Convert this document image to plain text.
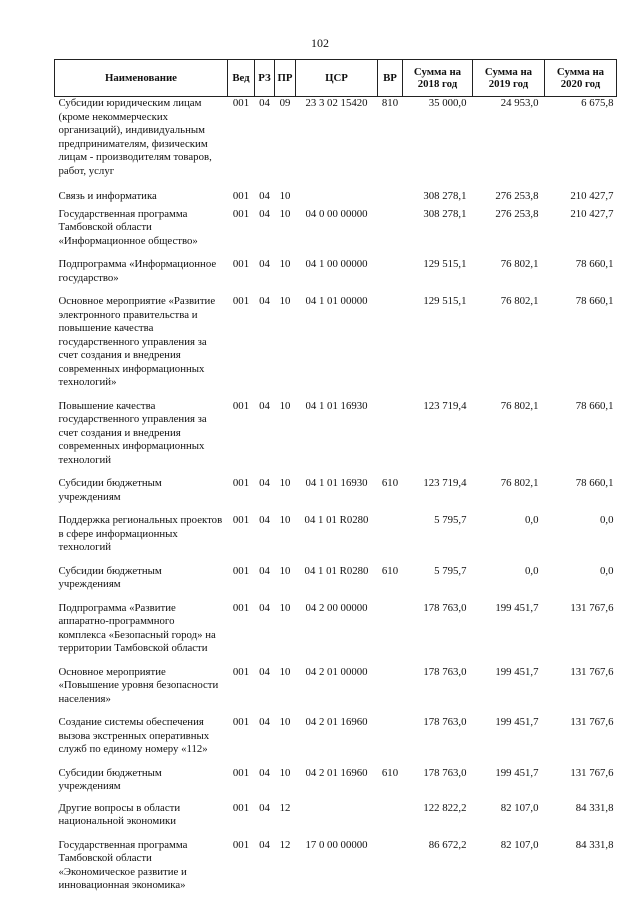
102
Наименование	Вед	РЗ	ПР	ЦСР	ВР	Сумма на 2018 год	Сумма на 2019 год	Сумма на 2020 год
Субсидии юридическим лицам (кроме некоммерческих организаций), индивидуальным предпринимателям, физическим лицам - производителям товаров, работ, услуг	001	04	09	23 3 02 15420	810	35 000,0	24 953,0	6 675,8
Связь и информатика	001	04	10			308 278,1	276 253,8	210 427,7
Государственная программа Тамбовской области «Информационное общество»	001	04	10	04 0 00 00000		308 278,1	276 253,8	210 427,7
Подпрограмма «Информационное государство»	001	04	10	04 1 00 00000		129 515,1	76 802,1	78 660,1
Основное мероприятие «Развитие электронного правительства и повышение качества государственного управления за счет создания и внедрения современных информационных технологий»	001	04	10	04 1 01 00000		129 515,1	76 802,1	78 660,1
Повышение качества государственного управления за счет создания и внедрения современных информационных технологий	001	04	10	04 1 01 16930		123 719,4	76 802,1	78 660,1
Субсидии бюджетным учреждениям	001	04	10	04 1 01 16930	610	123 719,4	76 802,1	78 660,1
Поддержка региональных проектов в сфере информационных технологий	001	04	10	04 1 01 R0280		5 795,7	0,0	0,0
Субсидии бюджетным учреждениям	001	04	10	04 1 01 R0280	610	5 795,7	0,0	0,0
Подпрограмма «Развитие аппаратно-программного комплекса «Безопасный город» на территории Тамбовской области	001	04	10	04 2 00 00000		178 763,0	199 451,7	131 767,6
Основное мероприятие «Повышение уровня безопасности населения»	001	04	10	04 2 01 00000		178 763,0	199 451,7	131 767,6
Создание системы обеспечения вызова экстренных оперативных служб по единому номеру «112»	001	04	10	04 2 01 16960		178 763,0	199 451,7	131 767,6
Субсидии бюджетным учреждениям	001	04	10	04 2 01 16960	610	178 763,0	199 451,7	131 767,6
Другие вопросы в области национальной экономики	001	04	12			122 822,2	82 107,0	84 331,8
Государственная программа Тамбовской области «Экономическое развитие и инновационная экономика»	001	04	12	17 0 00 00000		86 672,2	82 107,0	84 331,8
